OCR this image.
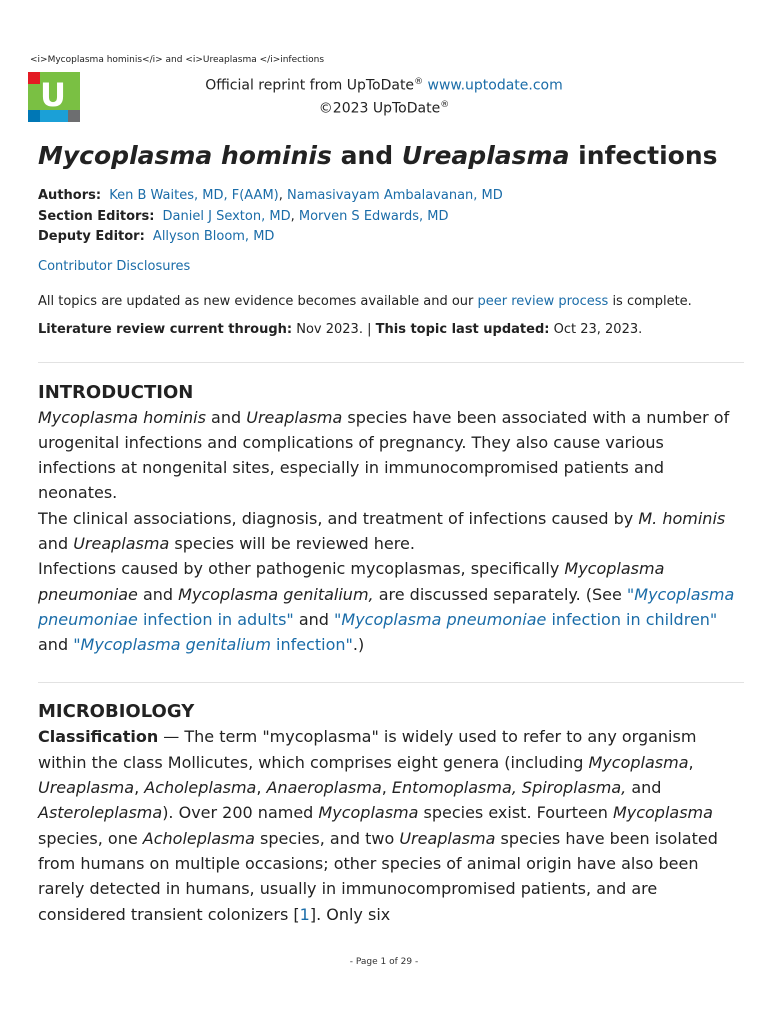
<i>Mycoplasma hominis</i> and <i>Ureaplasma </i>infections
U	Official reprint from UpToDate® www.uptodate.com
©2023 UpToDate®
Mycoplasma hominis and Ureaplasma infections
Authors: Ken B Waites, MD, F(AAM), Namasivayam Ambalavanan, MD
Section Editors: Daniel J Sexton, MD, Morven S Edwards, MD
Deputy Editor: Allyson Bloom, MD
Contributor Disclosures
All topics are updated as new evidence becomes available and our peer review process is complete.
Literature review current through: Nov 2023. | This topic last updated: Oct 23, 2023.
INTRODUCTION

Mycoplasma hominis and Ureaplasma species have been associated with a number of urogenital infections and complications of pregnancy. They also cause various infections at nongenital sites, especially in immunocompromised patients and neonates.

The clinical associations, diagnosis, and treatment of infections caused by M. hominis and Ureaplasma species will be reviewed here.

Infections caused by other pathogenic mycoplasmas, specifically Mycoplasma pneumoniae and Mycoplasma genitalium, are discussed separately. (See "Mycoplasma pneumoniae infection in adults" and "Mycoplasma pneumoniae infection in children" and "Mycoplasma genitalium infection".)

MICROBIOLOGY

Classification — The term "mycoplasma" is widely used to refer to any organism within the class Mollicutes, which comprises eight genera (including Mycoplasma, Ureaplasma, Acholeplasma, Anaeroplasma, Entomoplasma, Spiroplasma, and Asteroleplasma). Over 200 named Mycoplasma species exist. Fourteen Mycoplasma species, one Acholeplasma species, and two Ureaplasma species have been isolated from humans on multiple occasions; other species of animal origin have also been rarely detected in humans, usually in immunocompromised patients, and are considered transient colonizers [1]. Only six

- Page 1 of 29 -
